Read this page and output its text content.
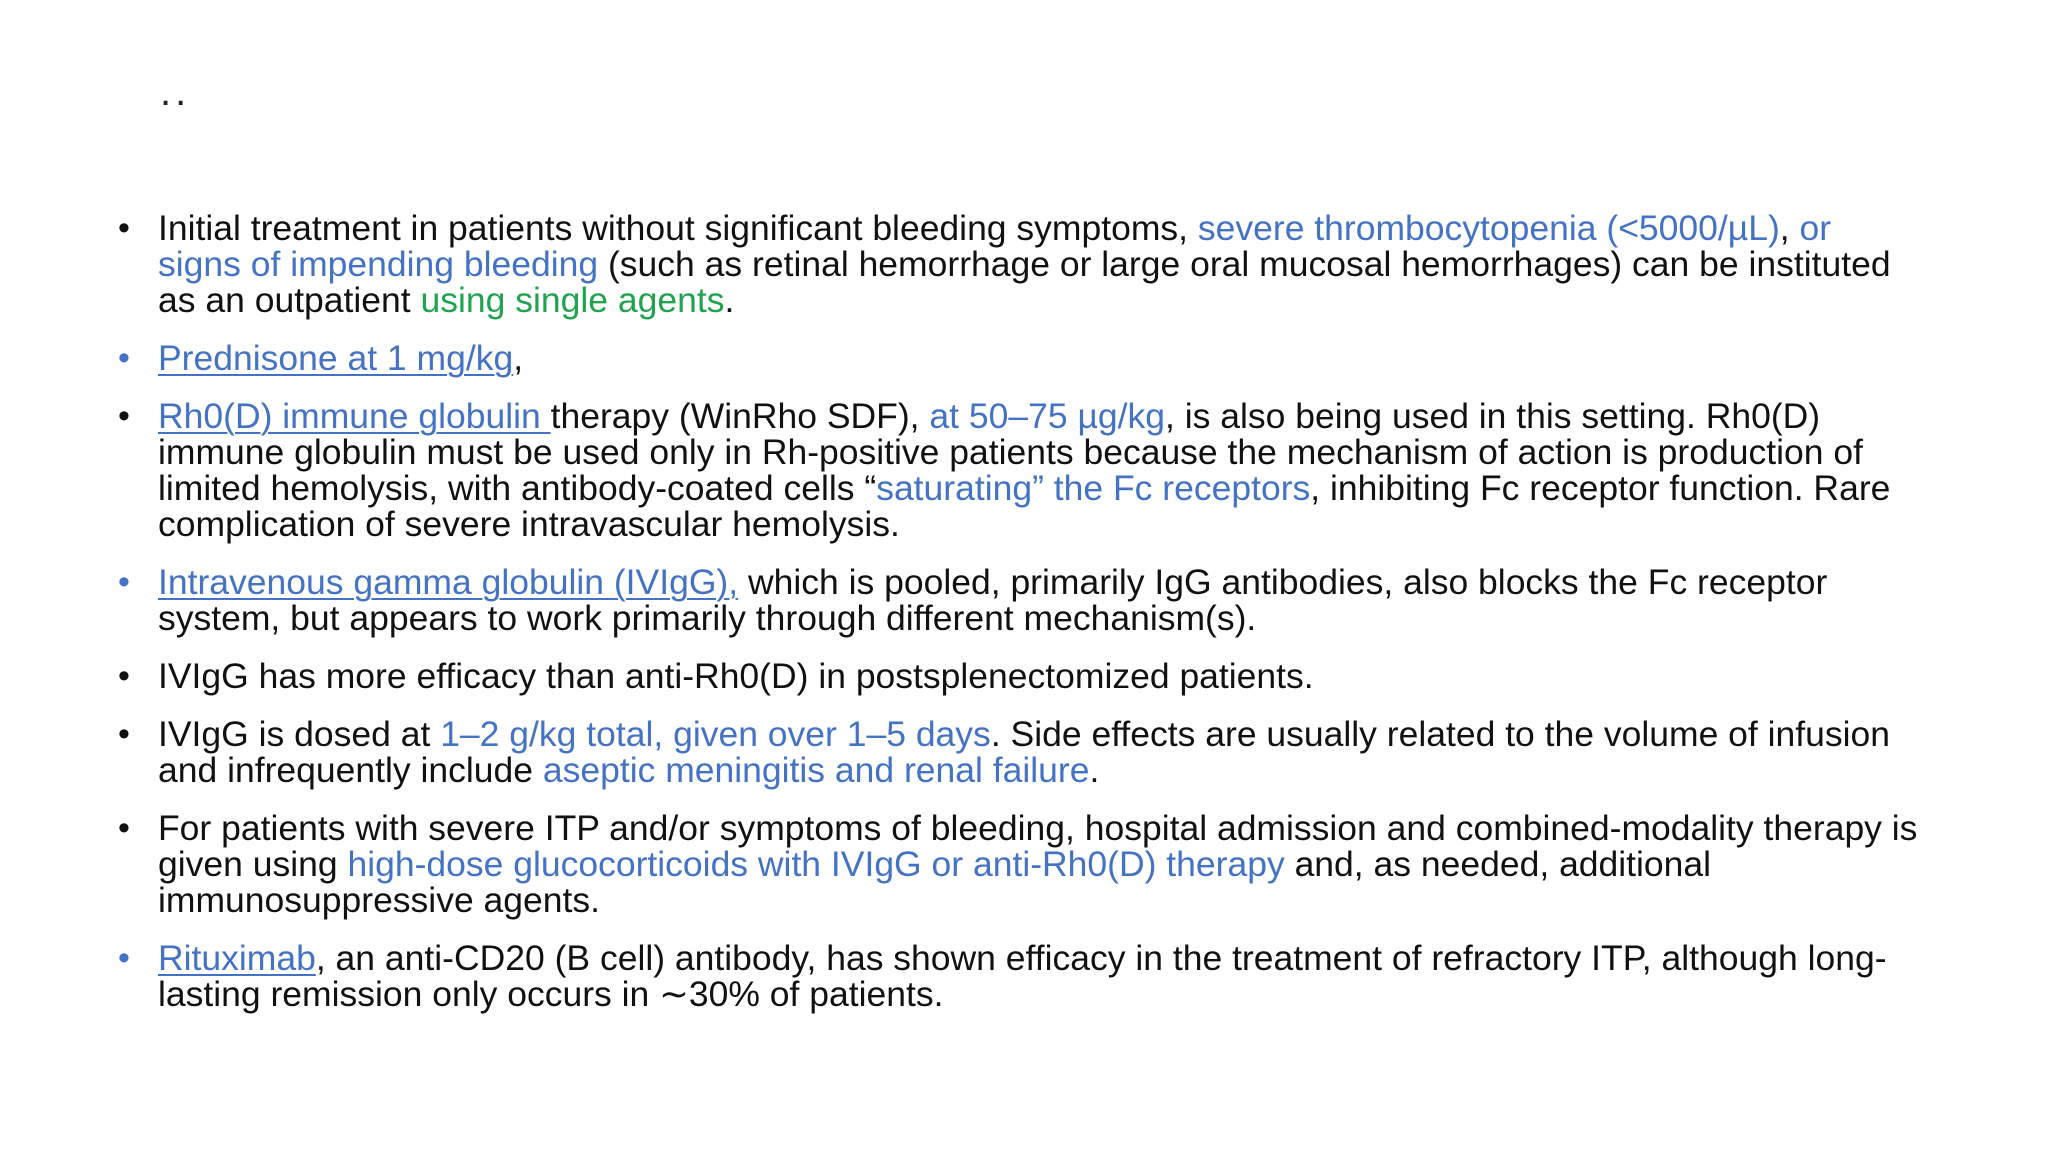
..
• Initial treatment in patients without significant bleeding symptoms, severe thrombocytopenia (<5000/µL), or signs of impending bleeding (such as retinal hemorrhage or large oral mucosal hemorrhages) can be instituted as an outpatient using single agents.
• Prednisone at 1 mg/kg,
• Rh0(D) immune globulin therapy (WinRho SDF), at 50–75 µg/kg, is also being used in this setting. Rh0(D) immune globulin must be used only in Rh-positive patients because the mechanism of action is production of limited hemolysis, with antibody-coated cells “saturating” the Fc receptors, inhibiting Fc receptor function. Rare complication of severe intravascular hemolysis.
• Intravenous gamma globulin (IVIgG), which is pooled, primarily IgG antibodies, also blocks the Fc receptor system, but appears to work primarily through different mechanism(s).
• IVIgG has more efficacy than anti-Rh0(D) in postsplenectomized patients.
• IVIgG is dosed at 1–2 g/kg total, given over 1–5 days. Side effects are usually related to the volume of infusion and infrequently include aseptic meningitis and renal failure.
• For patients with severe ITP and/or symptoms of bleeding, hospital admission and combined-modality therapy is given using high-dose glucocorticoids with IVIgG or anti-Rh0(D) therapy and, as needed, additional immunosuppressive agents.
• Rituximab, an anti-CD20 (B cell) antibody, has shown efficacy in the treatment of refractory ITP, although long-lasting remission only occurs in ∼30% of patients.
